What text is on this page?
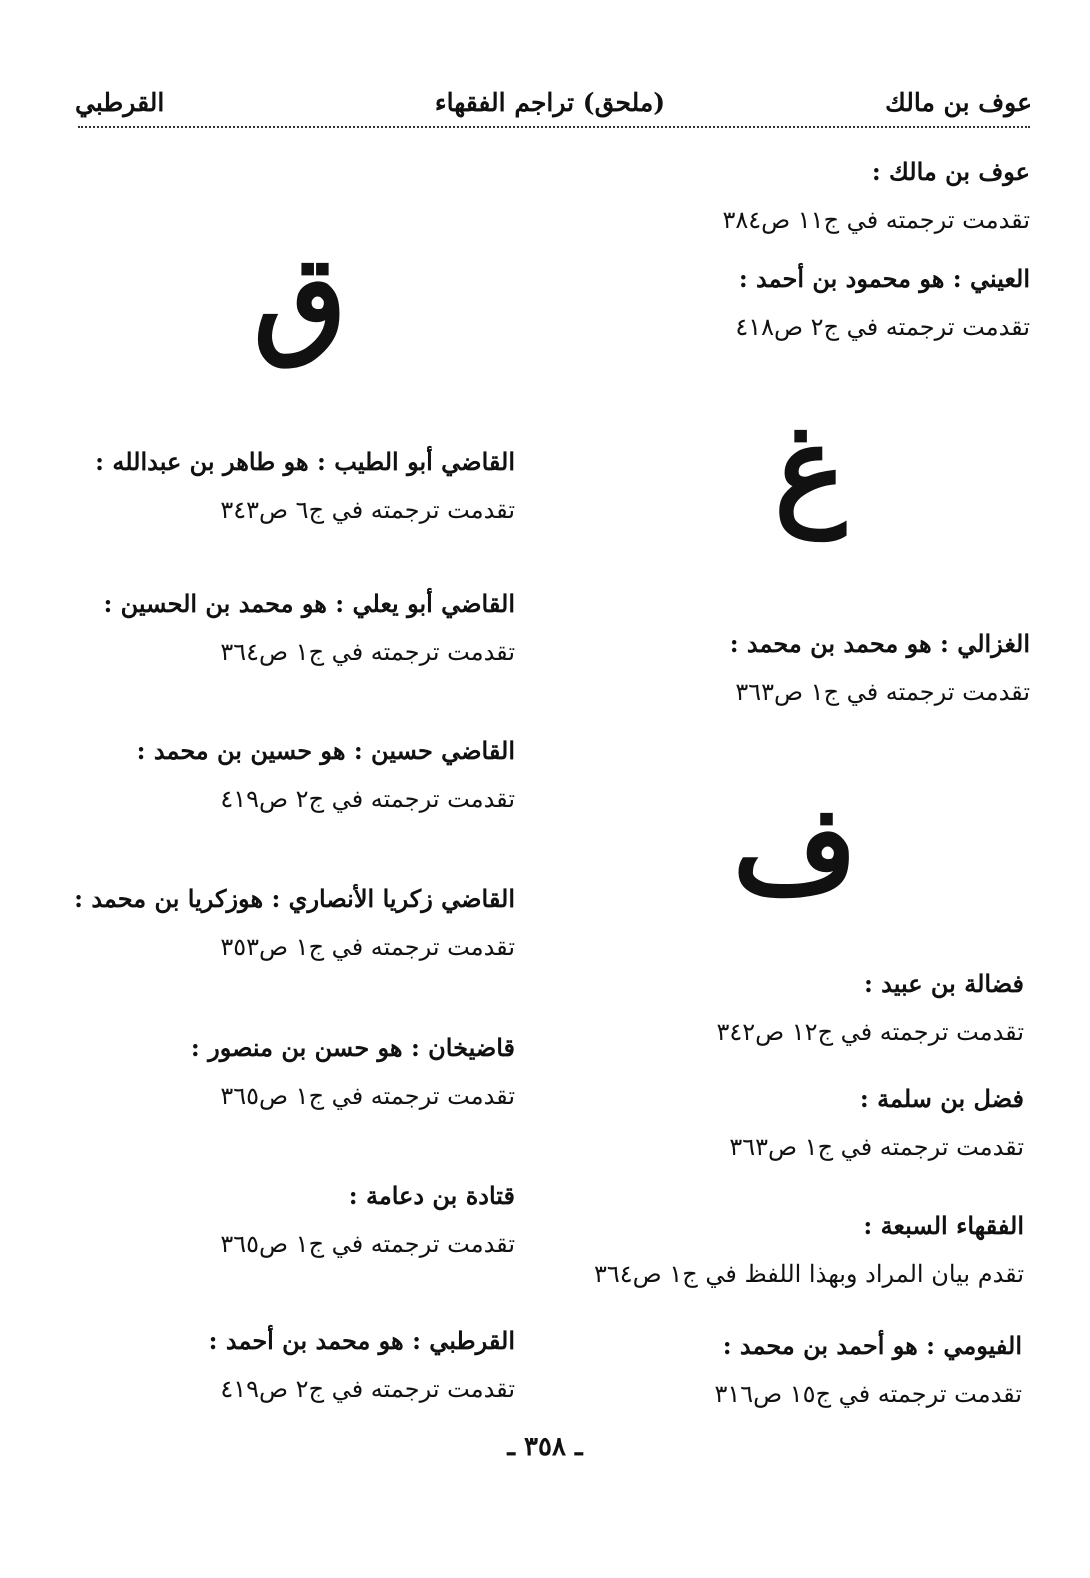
عوف بن مالك
(ملحق) تراجم الفقهاء
القرطبي
عوف بن مالك :
تقدمت ترجمته في ج١١ ص٣٨٤
العيني : هو محمود بن أحمد :
تقدمت ترجمته في ج٢ ص٤١٨
غ
الغزالي : هو محمد بن محمد :
تقدمت ترجمته في ج١ ص٣٦٣
ف
فضالة بن عبيد :
تقدمت ترجمته في ج١٢ ص٣٤٢
فضل بن سلمة :
تقدمت ترجمته في ج١ ص٣٦٣
الفقهاء السبعة :
تقدم بيان المراد وبهذا اللفظ في ج١ ص٣٦٤
الفيومي : هو أحمد بن محمد :
تقدمت ترجمته في ج١٥ ص٣١٦
ق
القاضي أبو الطيب : هو طاهر بن عبدالله :
تقدمت ترجمته في ج٦ ص٣٤٣
القاضي أبو يعلي : هو محمد بن الحسين :
تقدمت ترجمته في ج١ ص٣٦٤
القاضي حسين : هو حسين بن محمد :
تقدمت ترجمته في ج٢ ص٤١٩
القاضي زكريا الأنصاري : هوزكريا بن محمد :
تقدمت ترجمته في ج١ ص٣٥٣
قاضيخان : هو حسن بن منصور :
تقدمت ترجمته في ج١ ص٣٦٥
قتادة بن دعامة :
تقدمت ترجمته في ج١ ص٣٦٥
القرطبي : هو محمد بن أحمد :
تقدمت ترجمته في ج٢ ص٤١٩
ـ ٣٥٨ ـ
